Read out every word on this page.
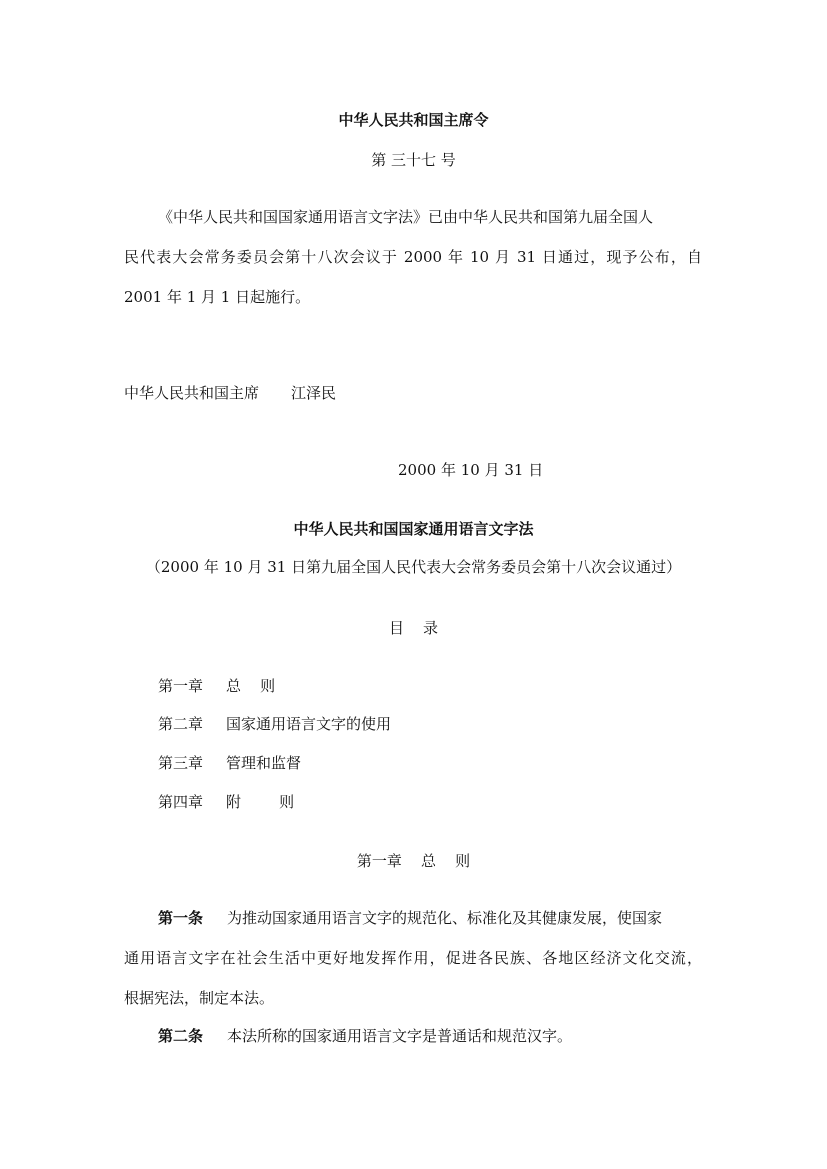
中华人民共和国主席令
第 三十七 号
《中华人民共和国国家通用语言文字法》已由中华人民共和国第九届全国人
民代表大会常务委员会第十八次会议于 2000 年 10 月 31 日通过，现予公布，自
2001 年 1 月 1 日起施行。
中华人民共和国主席 江泽民
2000 年 10 月 31 日
中华人民共和国国家通用语言文字法
（2000 年 10 月 31 日第九届全国人民代表大会常务委员会第十八次会议通过）
目    录
第一章 总    则
第二章 国家通用语言文字的使用
第三章 管理和监督
第四章 附        则
第一章    总    则
第一条 为推动国家通用语言文字的规范化、标准化及其健康发展，使国家
通用语言文字在社会生活中更好地发挥作用，促进各民族、各地区经济文化交流，
根据宪法，制定本法。
第二条 本法所称的国家通用语言文字是普通话和规范汉字。
